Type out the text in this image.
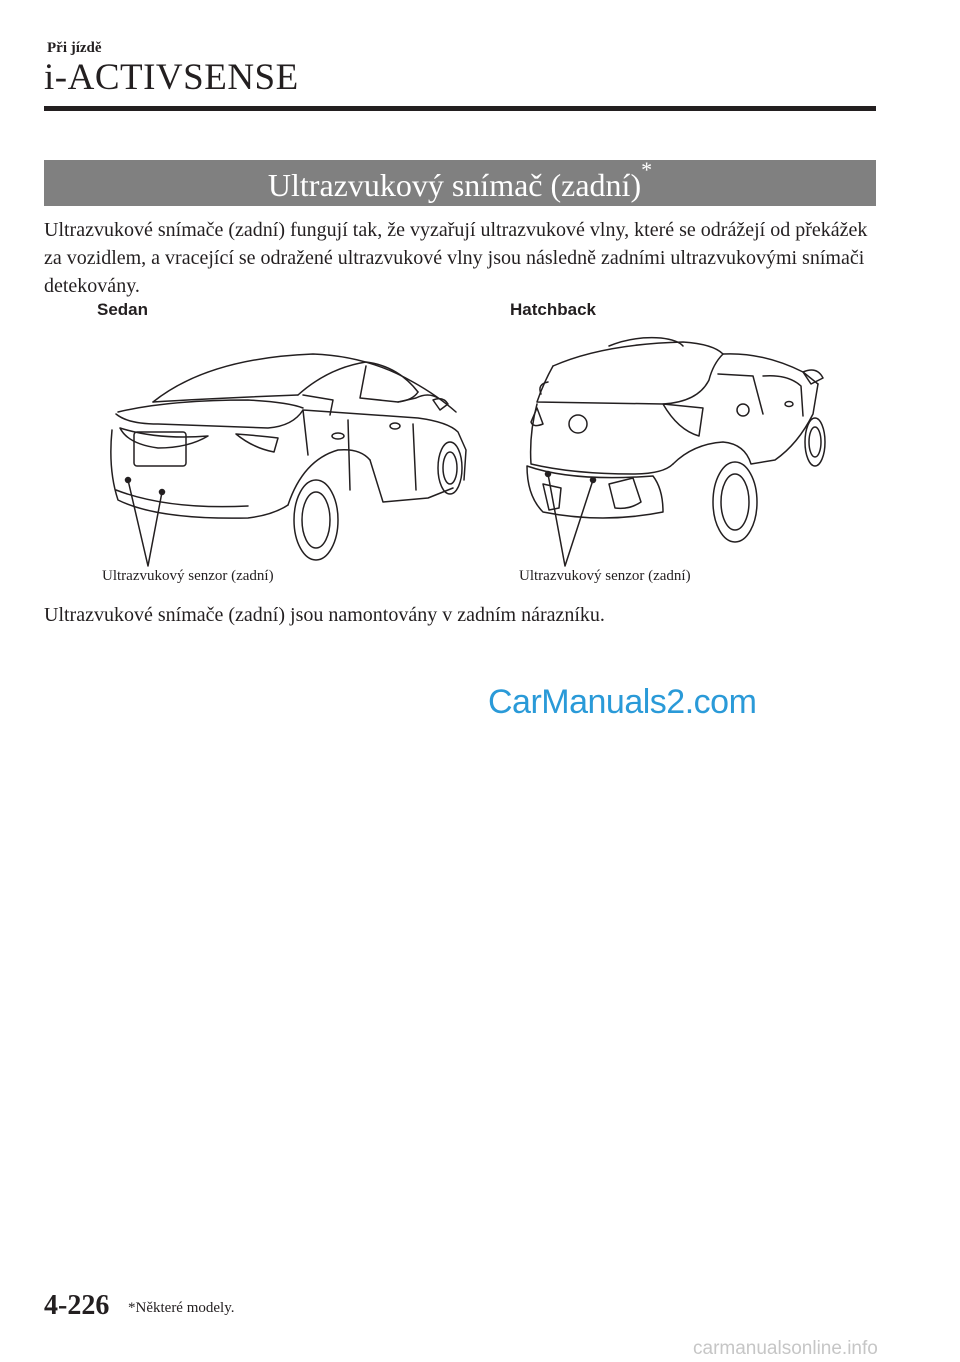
Při jízdě
i-ACTIVSENSE
Ultrazvukový snímač (zadní)*

Ultrazvukové snímače (zadní) fungují tak, že vyzařují ultrazvukové vlny, které se odrážejí od překážek za vozidlem, a vracející se odražené ultrazvukové vlny jsou následně zadními ultrazvukovými snímači detekovány.

Sedan	Hatchback
Ultrazvukový senzor (zadní)	Ultrazvukový senzor (zadní)

Ultrazvukové snímače (zadní) jsou namontovány v zadním nárazníku.

CarManuals2.com
4-226 *Některé modely.
carmanualsonline.info
